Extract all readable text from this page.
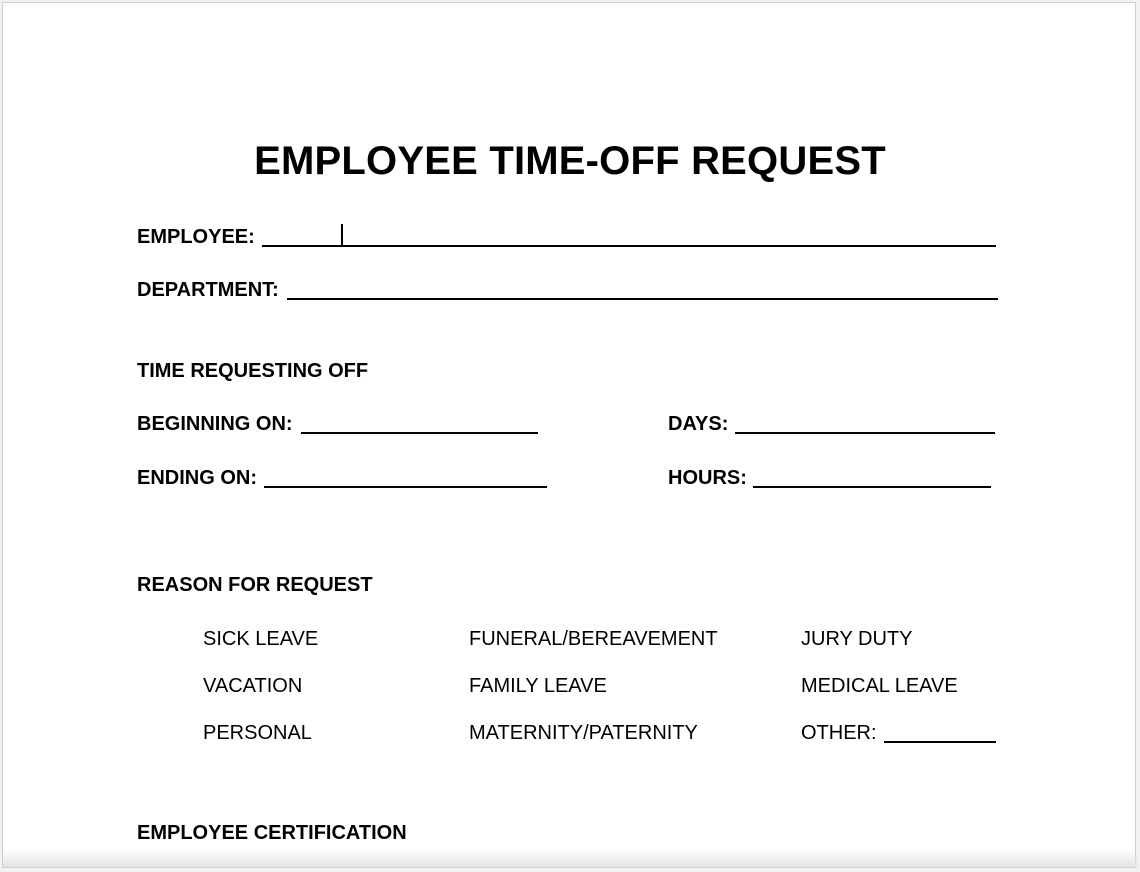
EMPLOYEE TIME-OFF REQUEST
EMPLOYEE:
DEPARTMENT:
TIME REQUESTING OFF
BEGINNING ON:	DAYS:
ENDING ON:	HOURS:
REASON FOR REQUEST
SICK LEAVE
VACATION
PERSONAL
FUNERAL/BEREAVEMENT
FAMILY LEAVE
MATERNITY/PATERNITY
JURY DUTY
MEDICAL LEAVE
OTHER:
EMPLOYEE CERTIFICATION
